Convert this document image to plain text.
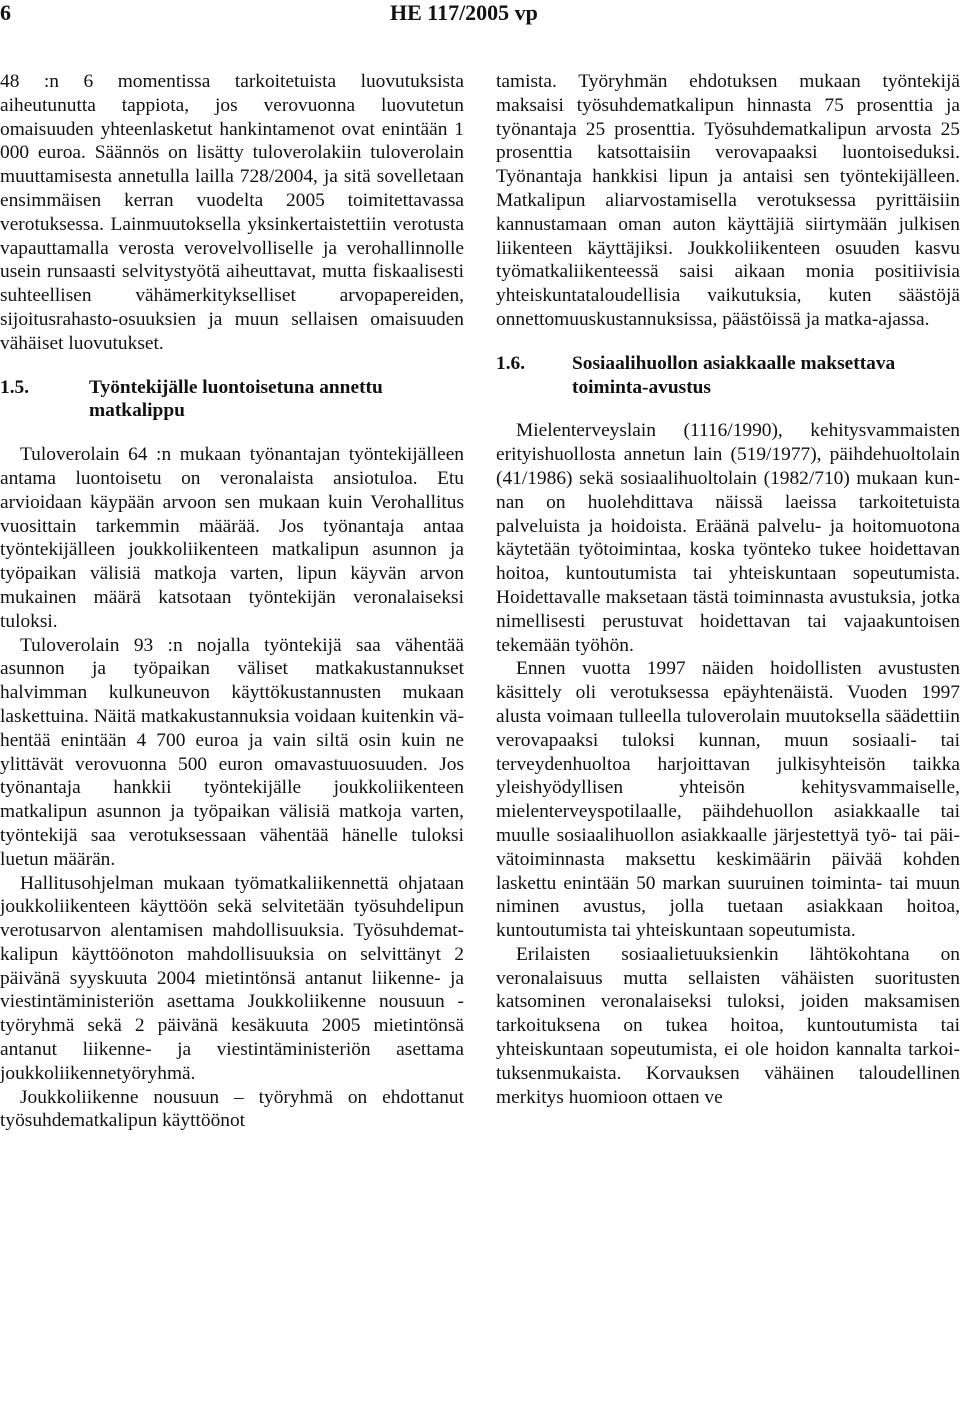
6	HE 117/2005 vp

48 :n 6 momentissa tarkoitetuista luovutuksista aiheutunutta tappiota, jos verovuonna luovutetun omaisuuden yhteenlasketut hankintamenot ovat enintään 1 000 euroa. Säännös on lisätty tuloverolakiin tuloverolain muuttamisesta annetulla lailla 728/2004, ja sitä sovelletaan ensimmäisen kerran vuodelta 2005 toimitettavassa verotuksessa. Lainmuutoksella yksinkertaistettiin verotusta vapauttamalla verosta verovelvolliselle ja verohallinnolle usein runsaasti selvitystyötä aiheuttavat, mutta fiskaalisesti suhteellisen vähämerkitykselliset arvopapereiden, sijoitusrahasto-osuuksien ja muun sellaisen omaisuuden vähäiset luovutukset.

1.5.	Työntekijälle luontoisetuna annettu matkalippu

Tuloverolain 64 :n mukaan työnantajan työntekijälleen antama luontoisetu on veronalaista ansiotuloa. Etu arvioidaan käypään arvoon sen mukaan kuin Verohallitus vuosittain tarkemmin määrää. Jos työnantaja antaa työntekijälleen joukkoliikenteen matkalipun asunnon ja työpaikan välisiä matkoja varten, lipun käyvän arvon mukainen määrä katsotaan työntekijän veronalaiseksi tuloksi.

Tuloverolain 93 :n nojalla työntekijä saa vähentää asunnon ja työpaikan väliset matkakustannukset halvimman kulkuneuvon käyttökustannusten mukaan laskettuina. Näitä matkakustannuksia voidaan kuitenkin vähentää enintään 4 700 euroa ja vain siltä osin kuin ne ylittävät verovuonna 500 euron omavastuuosuuden. Jos työnantaja hankkii työntekijälle joukkoliikenteen matkalipun asunnon ja työpaikan välisiä matkoja varten, työntekijä saa verotuksessaan vähentää hänelle tuloksi luetun määrän.

Hallitusohjelman mukaan työmatkaliikennettä ohjataan joukkoliikenteen käyttöön sekä selvitetään työsuhdelipun verotusarvon alentamisen mahdollisuuksia. Työsuhdematkalipun käyttöönoton mahdollisuuksia on selvittänyt 2 päivänä syyskuuta 2004 mietintönsä antanut liikenne- ja viestintäministeriön asettama Joukkoliikenne nousuun -työryhmä sekä 2 päivänä kesäkuuta 2005 mietintönsä antanut liikenne- ja viestintäministeriön asettama joukkoliikennetyöryhmä.

Joukkoliikenne nousuun – työryhmä on ehdottanut työsuhdematkalipun käyttöönot

tamista. Työryhmän ehdotuksen mukaan työntekijä maksaisi työsuhdematkalipun hinnasta 75 prosenttia ja työnantaja 25 prosenttia. Työsuhdematkalipun arvosta 25 prosenttia katsottaisiin verovapaaksi luontoiseduksi. Työnantaja hankkisi lipun ja antaisi sen työntekijälleen. Matkalipun aliarvostamisella verotuksessa pyrittäisiin kannustamaan oman auton käyttäjiä siirtymään julkisen liikenteen käyttäjiksi. Joukkoliikenteen osuuden kasvu työmatkaliikenteessä saisi aikaan monia positiivisia yhteiskuntataloudellisia vaikutuksia, kuten säästöjä onnettomuuskustannuksissa, päästöissä ja matka-ajassa.

1.6.	Sosiaalihuollon asiakkaalle maksettava toiminta-avustus

Mielenterveyslain (1116/1990), kehitysvammaisten erityishuollosta annetun lain (519/1977), päihdehuoltolain (41/1986) sekä sosiaalihuoltolain (1982/710) mukaan kunnan on huolehdittava näissä laeissa tarkoitetuista palveluista ja hoidoista. Eräänä palvelu- ja hoitomuotona käytetään työtoimintaa, koska työnteko tukee hoidettavan hoitoa, kuntoutumista tai yhteiskuntaan sopeutumista. Hoidettavalle maksetaan tästä toiminnasta avustuksia, jotka nimellisesti perustuvat hoidettavan tai vajaakuntoisen tekemään työhön.

Ennen vuotta 1997 näiden hoidollisten avustusten käsittely oli verotuksessa epäyhtenäistä. Vuoden 1997 alusta voimaan tulleella tuloverolain muutoksella säädettiin verovapaaksi tuloksi kunnan, muun sosiaali- tai terveydenhuoltoa harjoittavan julkisyhteisön taikka yleishyödyllisen yhteisön kehitysvammaiselle, mielenterveyspotilaalle, päihdehuollon asiakkaalle tai muulle sosiaalihuollon asiakkaalle järjestettyä työ- tai päivätoiminnasta maksettu keskimäärin päivää kohden laskettu enintään 50 markan suuruinen toiminta- tai muun niminen avustus, jolla tuetaan asiakkaan hoitoa, kuntoutumista tai yhteiskuntaan sopeutumista.

Erilaisten sosiaalietuuksienkin lähtökohtana on veronalaisuus mutta sellaisten vähäisten suoritusten katsominen veronalaiseksi tuloksi, joiden maksamisen tarkoituksena on tukea hoitoa, kuntoutumista tai yhteiskuntaan sopeutumista, ei ole hoidon kannalta tarkoituksenmukaista. Korvauksen vähäinen taloudellinen merkitys huomioon ottaen ve
